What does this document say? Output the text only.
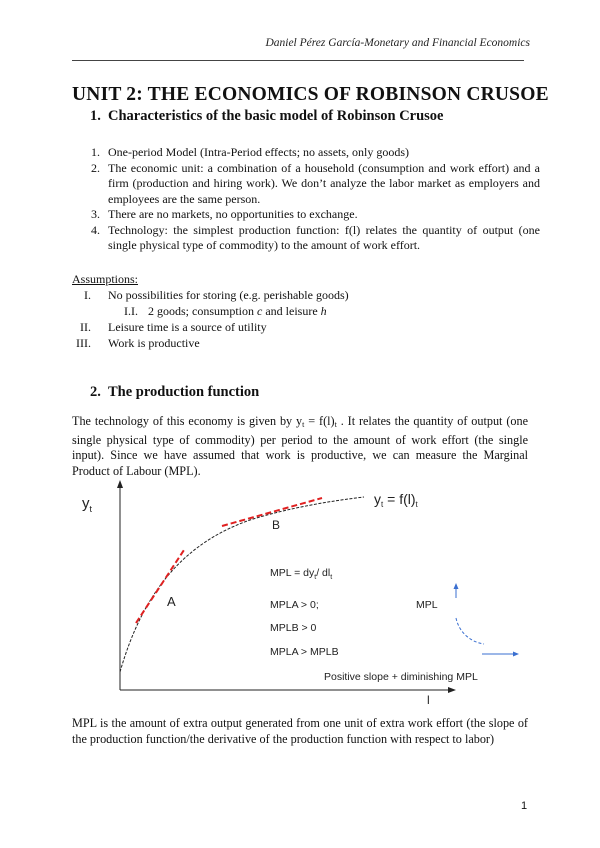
Daniel Pérez García-Monetary and Financial Economics
UNIT 2: THE ECONOMICS OF ROBINSON CRUSOE
1. Characteristics of the basic model of Robinson Crusoe
1. One-period Model (Intra-Period effects; no assets, only goods)
2. The economic unit: a combination of a household (consumption and work effort) and a firm (production and hiring work). We don’t analyze the labor market as employers and employees are the same person.
3. There are no markets, no opportunities to exchange.
4. Technology: the simplest production function: f(l) relates the quantity of output (one single physical type of commodity) to the amount of work effort.
Assumptions:
I. No possibilities for storing (e.g. perishable goods)
I.I. 2 goods; consumption c and leisure h
II. Leisure time is a source of utility
III. Work is productive
2. The production function
The technology of this economy is given by $y_t = f(l)_t$ . It relates the quantity of output (one single physical type of commodity) per period to the amount of work effort (the single input). Since we have assumed that work is productive, we can measure the Marginal Product of Labour (MPL).
$y_t$
l
$y_t = f(l)_t$
A
B
MPL = $dy_t/$ $dl_t$
MPLA > 0;
MPLB > 0
MPLA > MPLB
MPL
Positive slope + diminishing MPL
MPL is the amount of extra output generated from one unit of extra work effort (the slope of the production function/the derivative of the production function with respect to labor)
1
